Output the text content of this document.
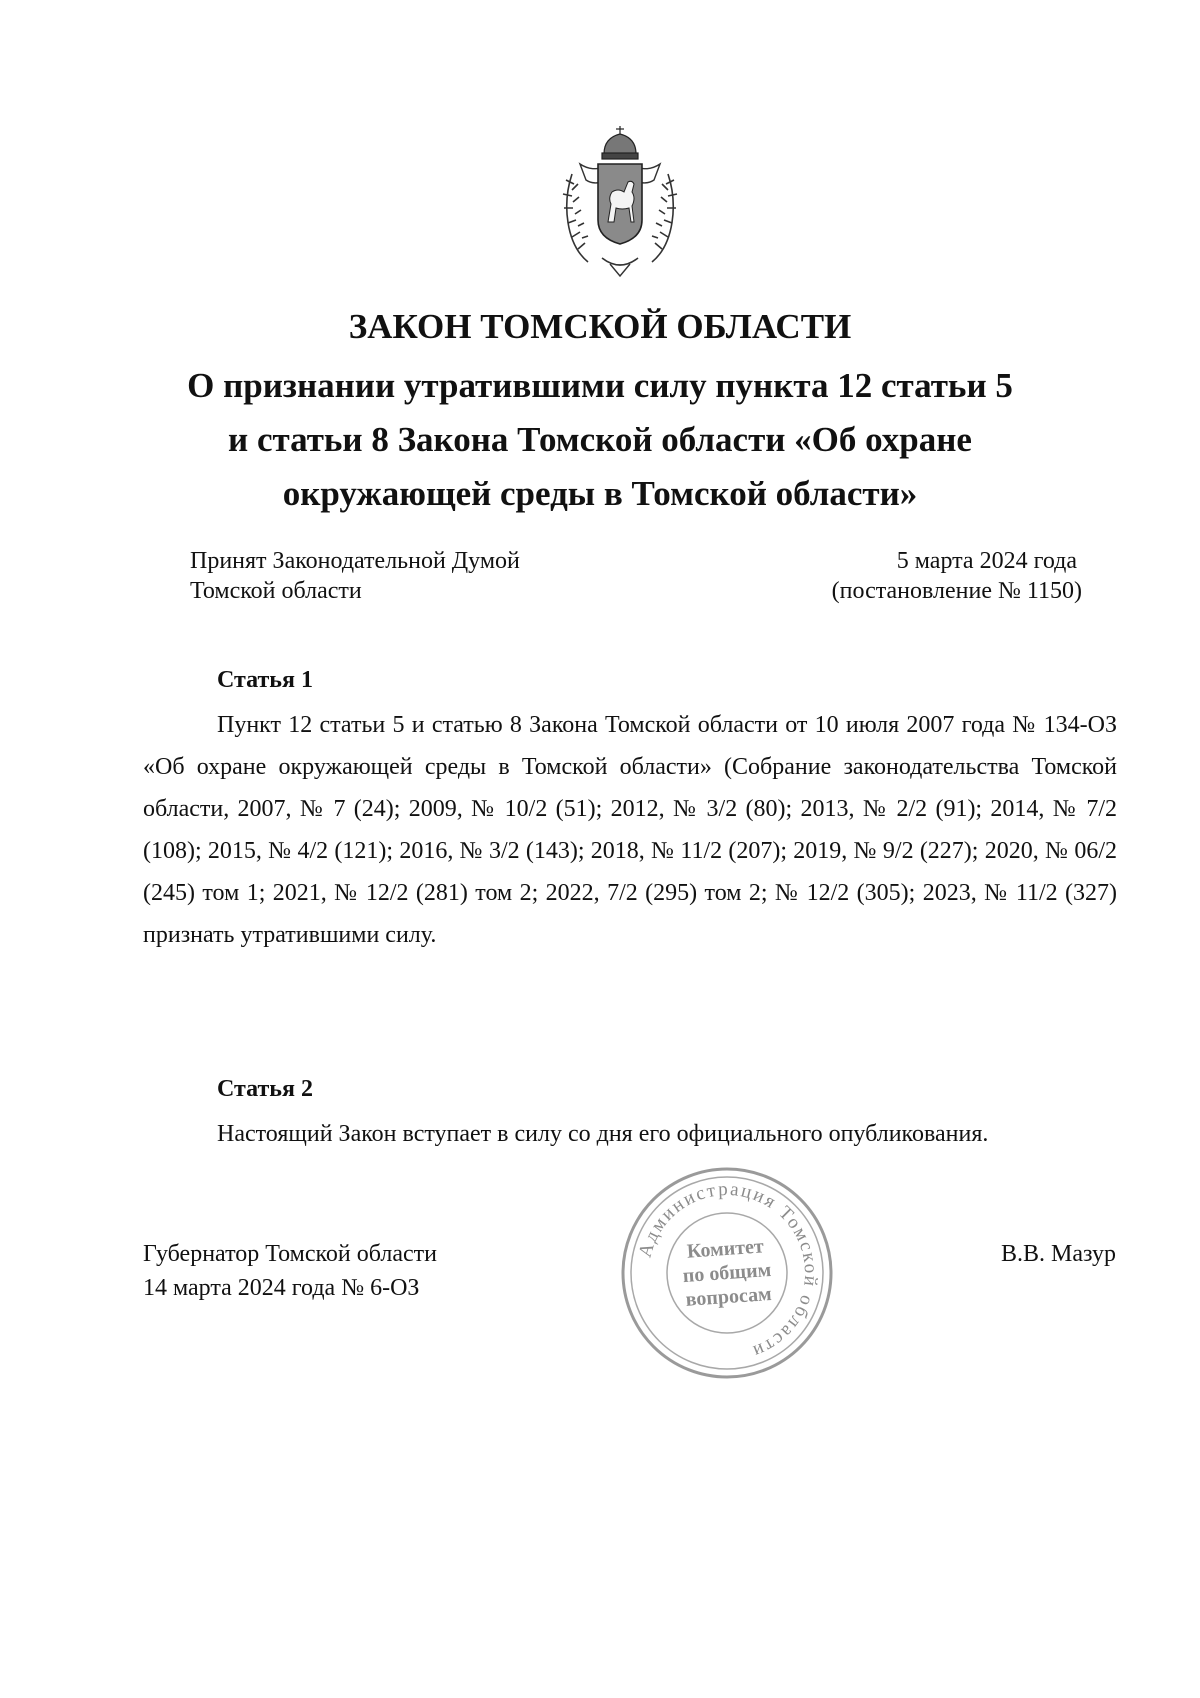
ЗАКОН ТОМСКОЙ ОБЛАСТИ
О признании утратившими силу пункта 12 статьи 5
и статьи 8 Закона Томской области «Об охране
окружающей среды в Томской области»
Принят Законодательной Думой
Томской области
5 марта 2024 года
(постановление № 1150)
Статья 1
Пункт 12 статьи 5 и статью 8 Закона Томской области от 10 июля 2007 года № 134-ОЗ «Об охране окружающей среды в Томской области» (Собрание законодательства Томской области, 2007, № 7 (24); 2009, № 10/2 (51); 2012, № 3/2 (80); 2013, № 2/2 (91); 2014, № 7/2 (108); 2015, № 4/2 (121); 2016, № 3/2 (143); 2018, № 11/2 (207); 2019, № 9/2 (227); 2020, № 06/2 (245) том 1; 2021, № 12/2 (281) том 2; 2022, 7/2 (295) том 2; № 12/2 (305); 2023, № 11/2 (327) признать утратившими силу.
Статья 2
Настоящий Закон вступает в силу со дня его официального опубликования.
Губернатор Томской области
14 марта 2024 года № 6-ОЗ
В.В. Мазур
Администрация Томской области
Комитет
по общим
вопросам
